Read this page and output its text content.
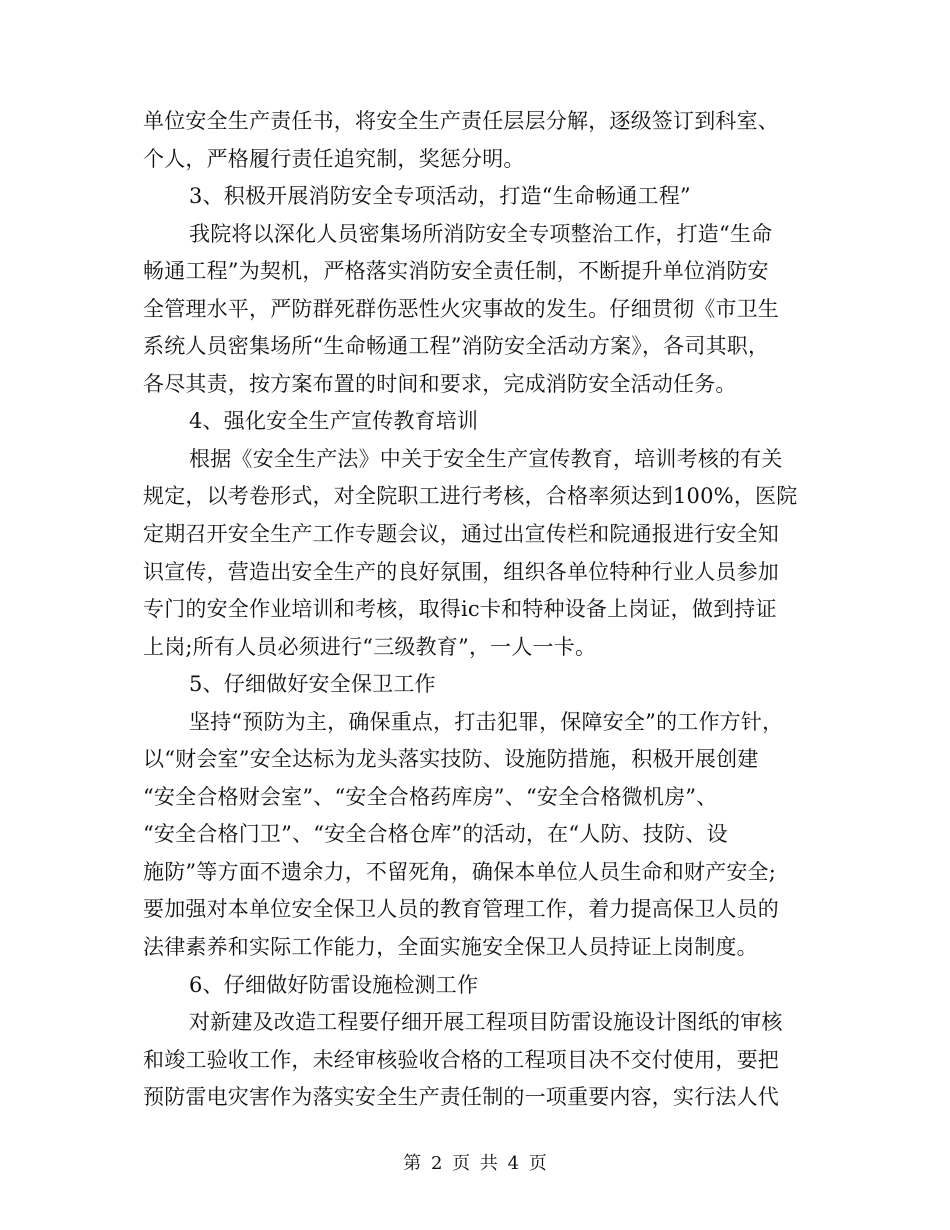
单位安全生产责任书，将安全生产责任层层分解，逐级签订到科室、
个人，严格履行责任追究制，奖惩分明。
3、积极开展消防安全专项活动，打造“生命畅通工程”
我院将以深化人员密集场所消防安全专项整治工作，打造“生命
畅通工程”为契机，严格落实消防安全责任制，不断提升单位消防安
全管理水平，严防群死群伤恶性火灾事故的发生。仔细贯彻《市卫生
系统人员密集场所“生命畅通工程”消防安全活动方案》，各司其职，
各尽其责，按方案布置的时间和要求，完成消防安全活动任务。
4、强化安全生产宣传教育培训
根据《安全生产法》中关于安全生产宣传教育，培训考核的有关
规定，以考卷形式，对全院职工进行考核，合格率须达到100%，医院
定期召开安全生产工作专题会议，通过出宣传栏和院通报进行安全知
识宣传，营造出安全生产的良好氛围，组织各单位特种行业人员参加
专门的安全作业培训和考核，取得ic卡和特种设备上岗证，做到持证
上岗;所有人员必须进行“三级教育”，一人一卡。
5、仔细做好安全保卫工作
坚持“预防为主，确保重点，打击犯罪，保障安全”的工作方针，
以“财会室”安全达标为龙头落实技防、设施防措施，积极开展创建
“安全合格财会室”、“安全合格药库房”、“安全合格微机房”、
“安全合格门卫”、“安全合格仓库”的活动，在“人防、技防、设
施防”等方面不遗余力，不留死角，确保本单位人员生命和财产安全;
要加强对本单位安全保卫人员的教育管理工作，着力提高保卫人员的
法律素养和实际工作能力，全面实施安全保卫人员持证上岗制度。
6、仔细做好防雷设施检测工作
对新建及改造工程要仔细开展工程项目防雷设施设计图纸的审核
和竣工验收工作，未经审核验收合格的工程项目决不交付使用，要把
预防雷电灾害作为落实安全生产责任制的一项重要内容，实行法人代
第 2 页 共 4 页
